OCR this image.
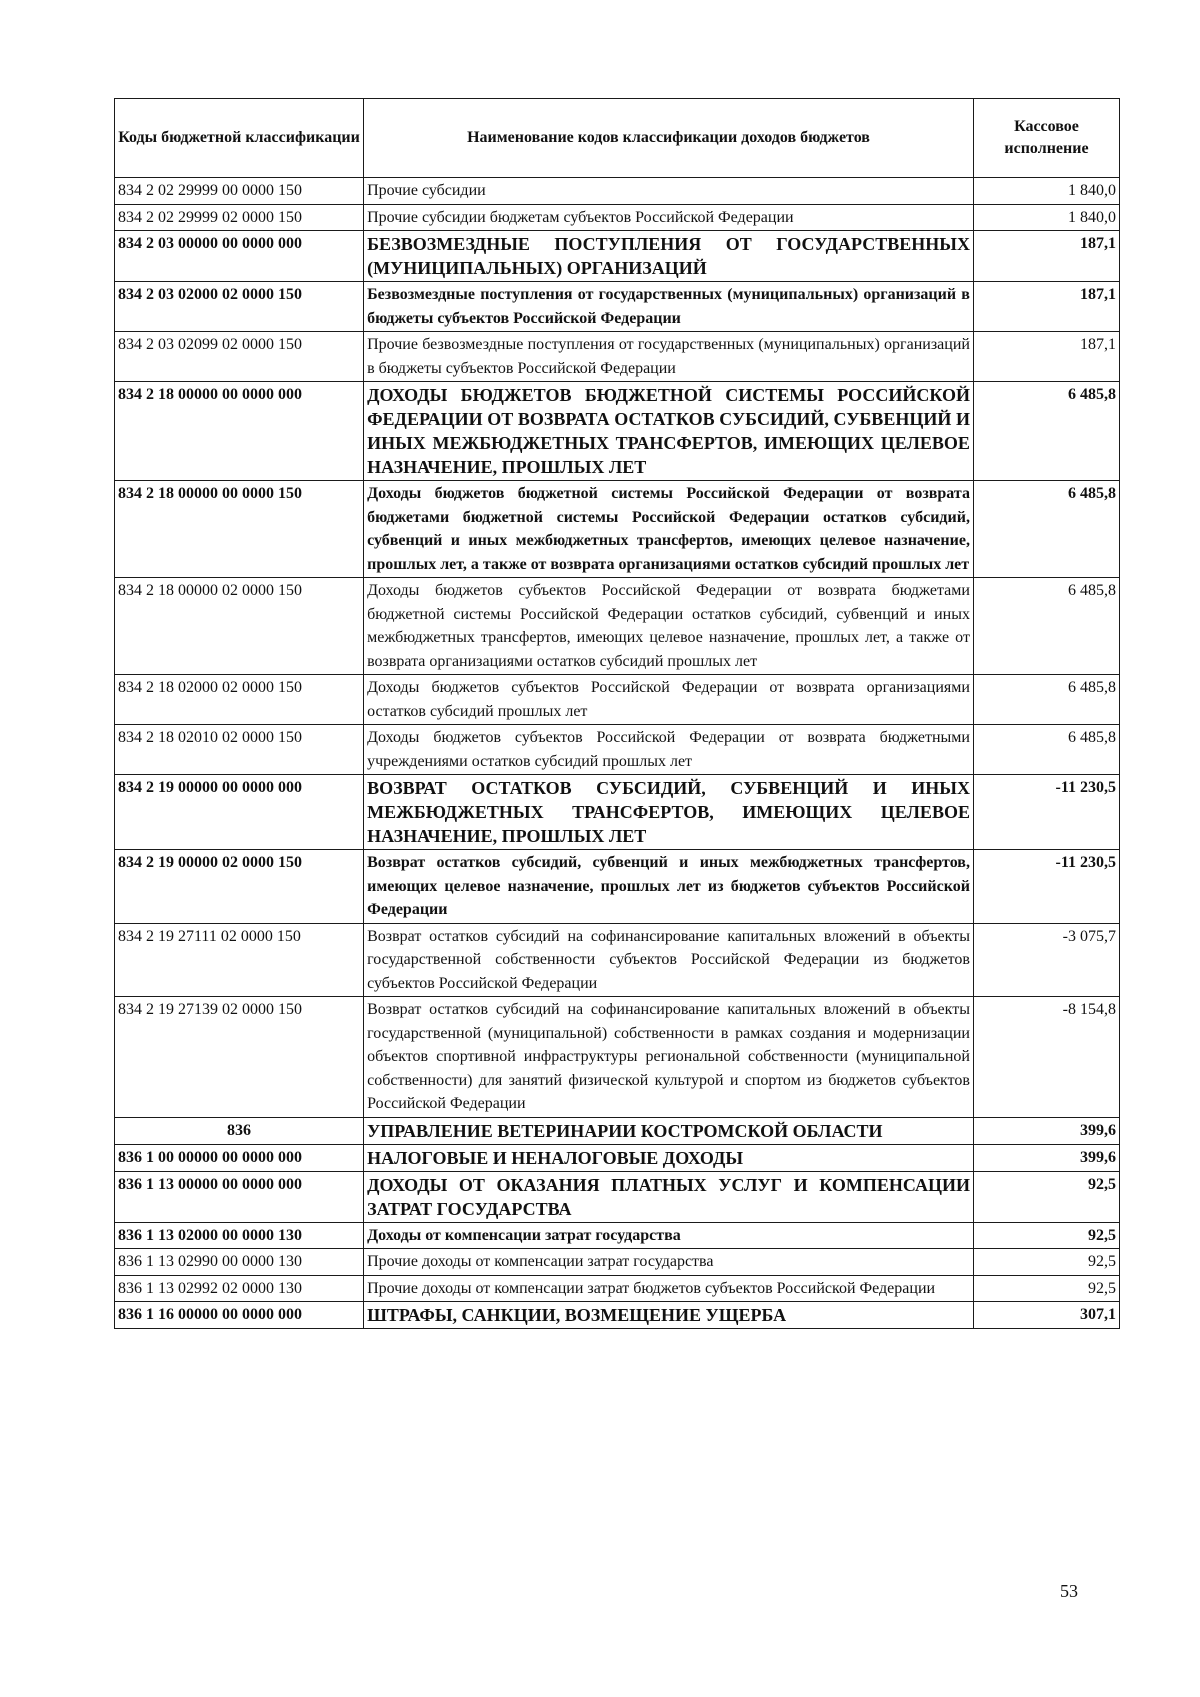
Коды бюджетной классификации	Наименование кодов классификации доходов бюджетов	Кассовое исполнение
834 2 02 29999 00 0000 150	Прочие субсидии	1 840,0
834 2 02 29999 02 0000 150	Прочие субсидии бюджетам субъектов Российской Федерации	1 840,0
834 2 03 00000 00 0000 000	БЕЗВОЗМЕЗДНЫЕ ПОСТУПЛЕНИЯ ОТ ГОСУДАРСТВЕННЫХ (МУНИЦИПАЛЬНЫХ) ОРГАНИЗАЦИЙ	187,1
834 2 03 02000 02 0000 150	Безвозмездные поступления от государственных (муниципальных) организаций в бюджеты субъектов Российской Федерации	187,1
834 2 03 02099 02 0000 150	Прочие безвозмездные поступления от государственных (муниципальных) организаций в бюджеты субъектов Российской Федерации	187,1
834 2 18 00000 00 0000 000	ДОХОДЫ БЮДЖЕТОВ БЮДЖЕТНОЙ СИСТЕМЫ РОССИЙСКОЙ ФЕДЕРАЦИИ ОТ ВОЗВРАТА ОСТАТКОВ СУБСИДИЙ, СУБВЕНЦИЙ И ИНЫХ МЕЖБЮДЖЕТНЫХ ТРАНСФЕРТОВ, ИМЕЮЩИХ ЦЕЛЕВОЕ НАЗНАЧЕНИЕ, ПРОШЛЫХ ЛЕТ	6 485,8
834 2 18 00000 00 0000 150	Доходы бюджетов бюджетной системы Российской Федерации от возврата бюджетами бюджетной системы Российской Федерации остатков субсидий, субвенций и иных межбюджетных трансфертов, имеющих целевое назначение, прошлых лет, а также от возврата организациями остатков субсидий прошлых лет	6 485,8
834 2 18 00000 02 0000 150	Доходы бюджетов субъектов Российской Федерации от возврата бюджетами бюджетной системы Российской Федерации остатков субсидий, субвенций и иных межбюджетных трансфертов, имеющих целевое назначение, прошлых лет, а также от возврата организациями остатков субсидий прошлых лет	6 485,8
834 2 18 02000 02 0000 150	Доходы бюджетов субъектов Российской Федерации от возврата организациями остатков субсидий прошлых лет	6 485,8
834 2 18 02010 02 0000 150	Доходы бюджетов субъектов Российской Федерации от возврата бюджетными учреждениями остатков субсидий прошлых лет	6 485,8
834 2 19 00000 00 0000 000	ВОЗВРАТ ОСТАТКОВ СУБСИДИЙ, СУБВЕНЦИЙ И ИНЫХ МЕЖБЮДЖЕТНЫХ ТРАНСФЕРТОВ, ИМЕЮЩИХ ЦЕЛЕВОЕ НАЗНАЧЕНИЕ, ПРОШЛЫХ ЛЕТ	-11 230,5
834 2 19 00000 02 0000 150	Возврат остатков субсидий, субвенций и иных межбюджетных трансфертов, имеющих целевое назначение, прошлых лет из бюджетов субъектов Российской Федерации	-11 230,5
834 2 19 27111 02 0000 150	Возврат остатков субсидий на софинансирование капитальных вложений в объекты государственной собственности субъектов Российской Федерации из бюджетов субъектов Российской Федерации	-3 075,7
834 2 19 27139 02 0000 150	Возврат остатков субсидий на софинансирование капитальных вложений в объекты государственной (муниципальной) собственности в рамках создания и модернизации объектов спортивной инфраструктуры региональной собственности (муниципальной собственности) для занятий физической культурой и спортом из бюджетов субъектов Российской Федерации	-8 154,8
836	УПРАВЛЕНИЕ ВЕТЕРИНАРИИ КОСТРОМСКОЙ ОБЛАСТИ	399,6
836 1 00 00000 00 0000 000	НАЛОГОВЫЕ И НЕНАЛОГОВЫЕ ДОХОДЫ	399,6
836 1 13 00000 00 0000 000	ДОХОДЫ ОТ ОКАЗАНИЯ ПЛАТНЫХ УСЛУГ И КОМПЕНСАЦИИ ЗАТРАТ ГОСУДАРСТВА	92,5
836 1 13 02000 00 0000 130	Доходы от компенсации затрат государства	92,5
836 1 13 02990 00 0000 130	Прочие доходы от компенсации затрат государства	92,5
836 1 13 02992 02 0000 130	Прочие доходы от компенсации затрат бюджетов субъектов Российской Федерации	92,5
836 1 16 00000 00 0000 000	ШТРАФЫ, САНКЦИИ, ВОЗМЕЩЕНИЕ УЩЕРБА	307,1
53
